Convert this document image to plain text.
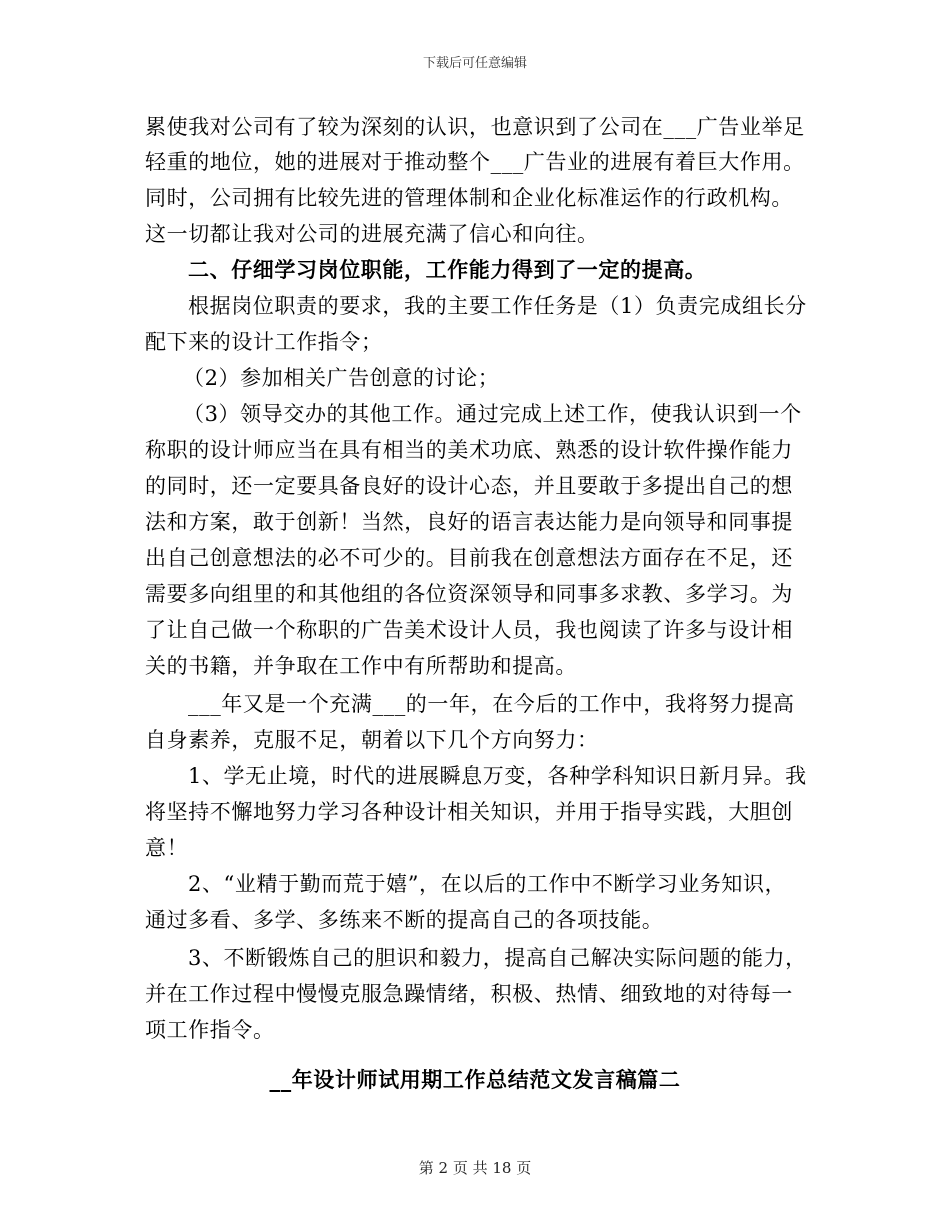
下载后可任意编辑
累使我对公司有了较为深刻的认识，也意识到了公司在___广告业举足
轻重的地位，她的进展对于推动整个___广告业的进展有着巨大作用。
同时，公司拥有比较先进的管理体制和企业化标准运作的行政机构。
这一切都让我对公司的进展充满了信心和向往。
二、仔细学习岗位职能，工作能力得到了一定的提高。
根据岗位职责的要求，我的主要工作任务是（1）负责完成组长分
配下来的设计工作指令；
（2）参加相关广告创意的讨论；
（3）领导交办的其他工作。通过完成上述工作，使我认识到一个
称职的设计师应当在具有相当的美术功底、熟悉的设计软件操作能力
的同时，还一定要具备良好的设计心态，并且要敢于多提出自己的想
法和方案，敢于创新！当然，良好的语言表达能力是向领导和同事提
出自己创意想法的必不可少的。目前我在创意想法方面存在不足，还
需要多向组里的和其他组的各位资深领导和同事多求教、多学习。为
了让自己做一个称职的广告美术设计人员，我也阅读了许多与设计相
关的书籍，并争取在工作中有所帮助和提高。
___年又是一个充满___的一年，在今后的工作中，我将努力提高
自身素养，克服不足，朝着以下几个方向努力：
1、学无止境，时代的进展瞬息万变，各种学科知识日新月异。我
将坚持不懈地努力学习各种设计相关知识，并用于指导实践，大胆创
意！
2、“业精于勤而荒于嬉”，在以后的工作中不断学习业务知识，
通过多看、多学、多练来不断的提高自己的各项技能。
3、不断锻炼自己的胆识和毅力，提高自己解决实际问题的能力，
并在工作过程中慢慢克服急躁情绪，积极、热情、细致地的对待每一
项工作指令。
__年设计师试用期工作总结范文发言稿篇二
第 2 页 共 18 页
